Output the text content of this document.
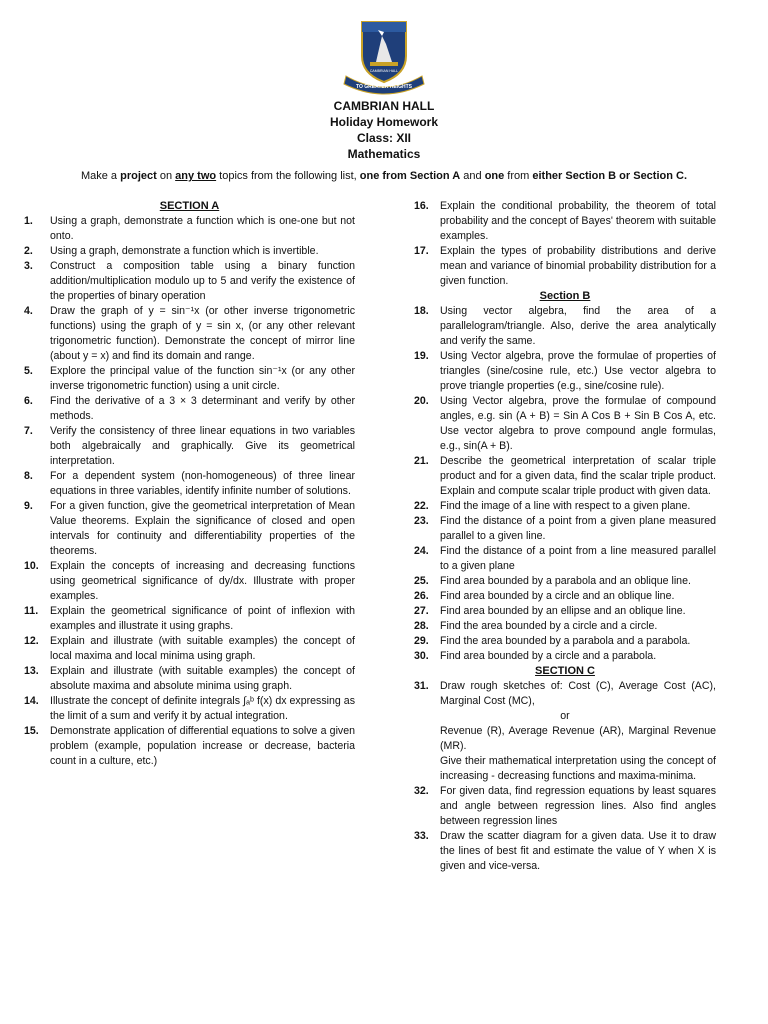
CAMBRIAN HALL
TO GREATER HEIGHTS
CAMBRIAN HALL
Holiday Homework
Class: XII
Mathematics
Make a project on any two topics from the following list, one from Section A and one from either Section B or Section C.
SECTION A
1.	Using a graph, demonstrate a function which is one-one but not onto.
2.	Using a graph, demonstrate a function which is invertible.
3.	Construct a composition table using a binary function addition/multiplication modulo up to 5 and verify the existence of the properties of binary operation
4.	Draw the graph of y = sin⁻¹x (or other inverse trigonometric functions) using the graph of y = sin x, (or any other relevant trigonometric function). Demonstrate the concept of mirror line (about y = x) and find its domain and range.
5.	Explore the principal value of the function sin⁻¹x (or any other inverse trigonometric function) using a unit circle.
6.	Find the derivative of a 3 × 3 determinant and verify by other methods.
7.	Verify the consistency of three linear equations in two variables both algebraically and graphically. Give its geometrical interpretation.
8.	For a dependent system (non-homogeneous) of three linear equations in three variables, identify infinite number of solutions.
9.	For a given function, give the geometrical interpretation of Mean Value theorems. Explain the significance of closed and open intervals for continuity and differentiability properties of the theorems.
10.	Explain the concepts of increasing and decreasing functions using geometrical significance of dy/dx. Illustrate with proper examples.
11.	Explain the geometrical significance of point of inflexion with examples and illustrate it using graphs.
12.	Explain and illustrate (with suitable examples) the concept of local maxima and local minima using graph.
13.	Explain and illustrate (with suitable examples) the concept of absolute maxima and absolute minima using graph.
14.	Illustrate the concept of definite integrals ∫ₐᵇ f(x) dx expressing as the limit of a sum and verify it by actual integration.
15.	Demonstrate application of differential equations to solve a given problem (example, population increase or decrease, bacteria count in a culture, etc.)
16.	Explain the conditional probability, the theorem of total probability and the concept of Bayes' theorem with suitable examples.
17.	Explain the types of probability distributions and derive mean and variance of binomial probability distribution for a given function.
Section B
18.	Using vector algebra, find the area of a parallelogram/triangle. Also, derive the area analytically and verify the same.
19.	Using Vector algebra, prove the formulae of properties of triangles (sine/cosine rule, etc.) Use vector algebra to prove triangle properties (e.g., sine/cosine rule).
20.	Using Vector algebra, prove the formulae of compound angles, e.g. sin (A + B) = Sin A Cos B + Sin B Cos A, etc. Use vector algebra to prove compound angle formulas, e.g., sin(A + B).
21.	Describe the geometrical interpretation of scalar triple product and for a given data, find the scalar triple product. Explain and compute scalar triple product with given data.
22.	Find the image of a line with respect to a given plane.
23.	Find the distance of a point from a given plane measured parallel to a given line.
24.	Find the distance of a point from a line measured parallel to a given plane
25.	Find area bounded by a parabola and an oblique line.
26.	Find area bounded by a circle and an oblique line.
27.	Find area bounded by an ellipse and an oblique line.
28.	Find the area bounded by a circle and a circle.
29.	Find the area bounded by a parabola and a parabola.
30.	Find area bounded by a circle and a parabola.
SECTION C
31.	Draw rough sketches of: Cost (C), Average Cost (AC), Marginal Cost (MC),
or
Revenue (R), Average Revenue (AR), Marginal Revenue (MR).
Give their mathematical interpretation using the concept of increasing - decreasing functions and maxima-minima.
32.	For given data, find regression equations by least squares and angle between regression lines. Also find angles between regression lines
33.	Draw the scatter diagram for a given data. Use it to draw the lines of best fit and estimate the value of Y when X is given and vice-versa.
